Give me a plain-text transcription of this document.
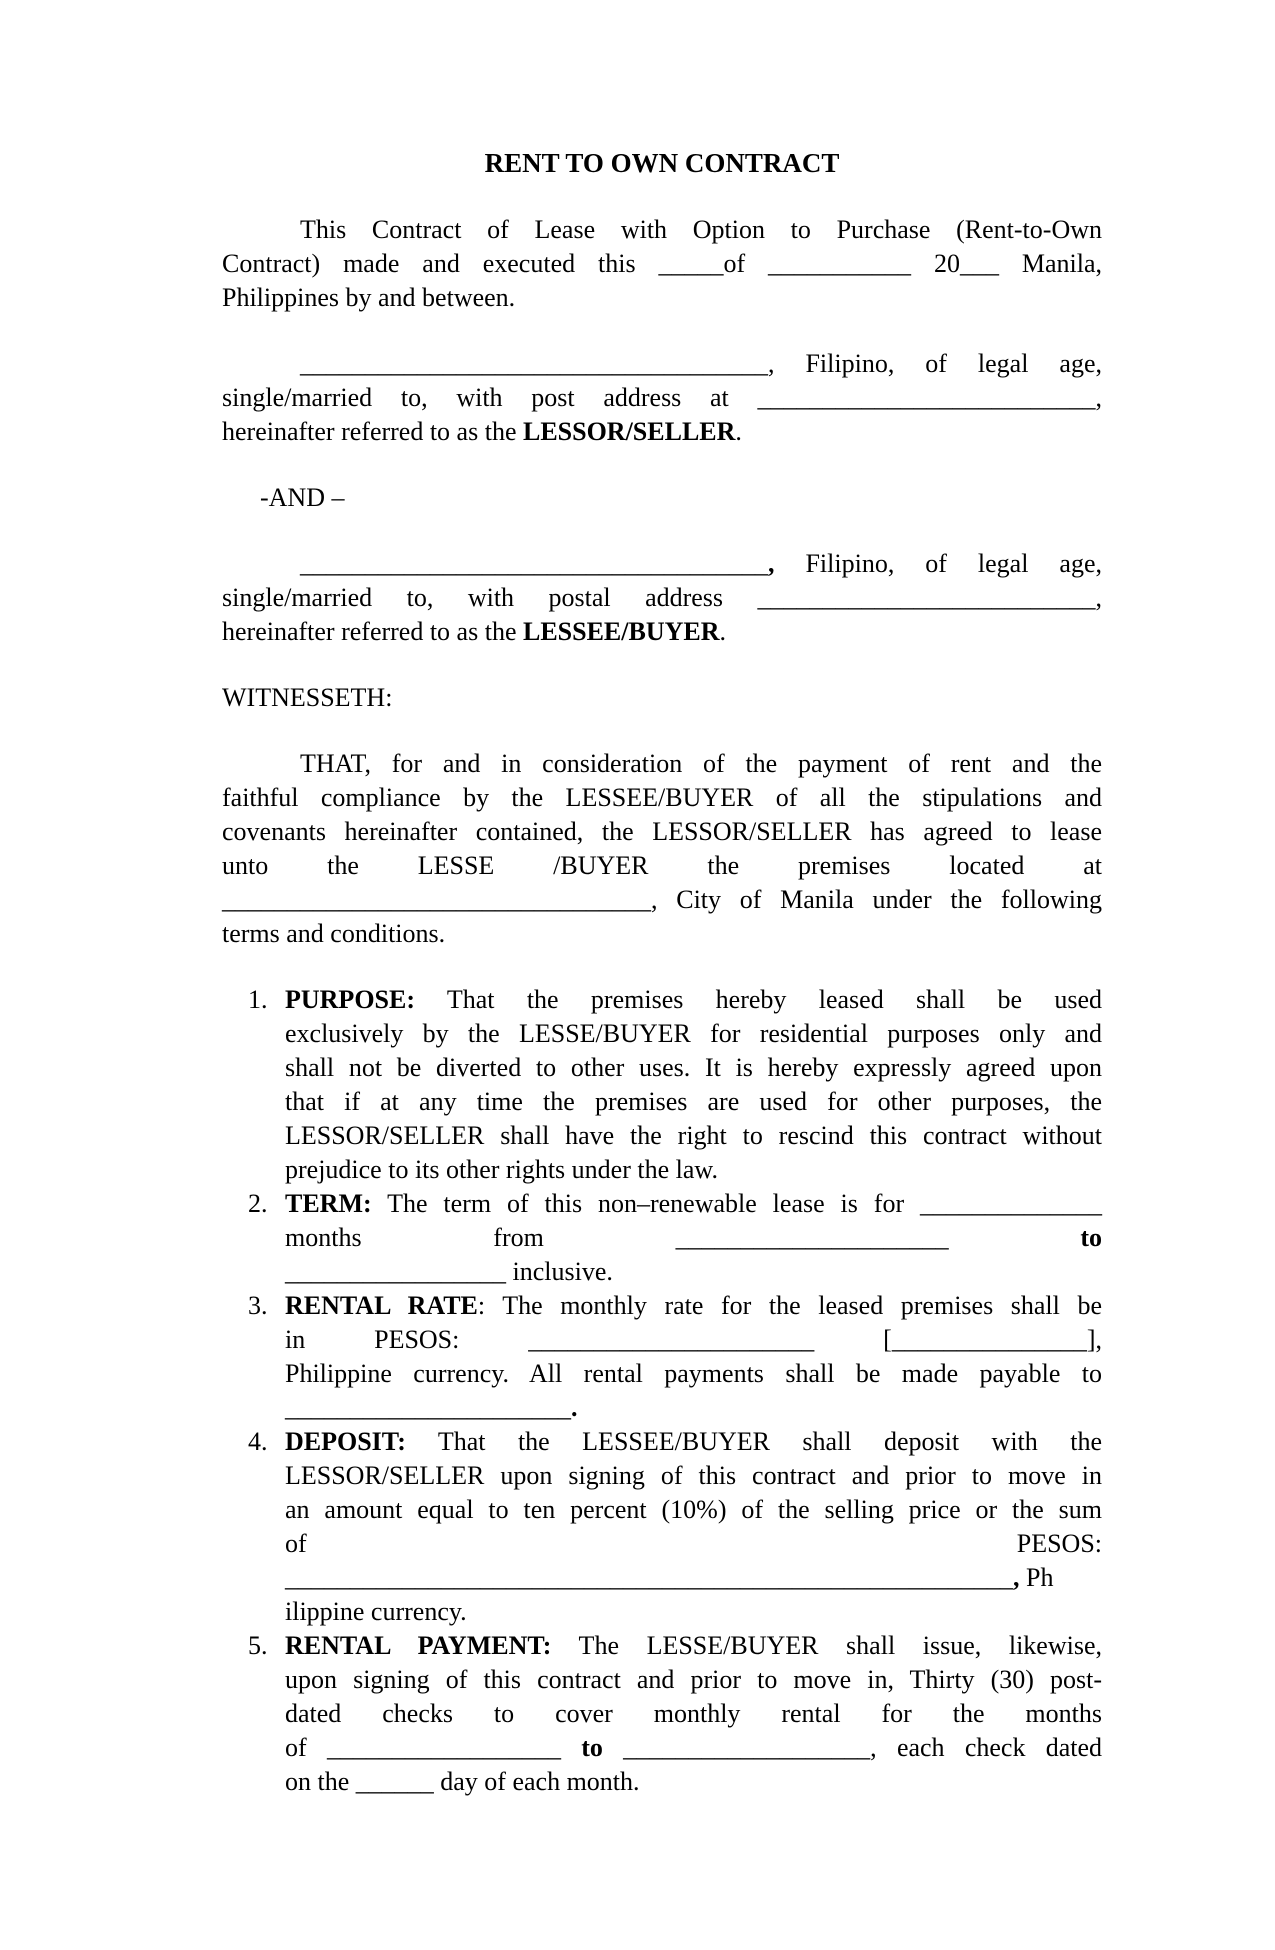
RENT TO OWN CONTRACT
This Contract of Lease with Option to Purchase (Rent-to-Own
Contract) made and executed this _____of ___________ 20___ Manila,
Philippines by and between.
____________________________________, Filipino, of legal age,
single/married to, with post address at __________________________,
hereinafter referred to as the LESSOR/SELLER.
-AND –
____________________________________, Filipino, of legal age,
single/married to, with postal address __________________________,
hereinafter referred to as the LESSEE/BUYER.
WITNESSETH:
THAT, for and in consideration of the payment of rent and the
faithful compliance by the LESSEE/BUYER of all the stipulations and
covenants hereinafter contained, the LESSOR/SELLER has agreed to lease
unto the LESSE /BUYER the premises located at
_________________________________, City of Manila under the following
terms and conditions.
1. PURPOSE: That the premises hereby leased shall be used
exclusively by the LESSE/BUYER for residential purposes only and
shall not be diverted to other uses. It is hereby expressly agreed upon
that if at any time the premises are used for other purposes, the
LESSOR/SELLER shall have the right to rescind this contract without
prejudice to its other rights under the law.
2. TERM: The term of this non–renewable lease is for ______________
months from _____________________	to
_________________ inclusive.
3. RENTAL RATE: The monthly rate for the leased premises shall be
in PESOS: ______________________ [_______________],
Philippine currency. All rental payments shall be made payable to
______________________.
4. DEPOSIT: That the LESSEE/BUYER shall deposit with the
LESSOR/SELLER upon signing of this contract and prior to move in
an amount equal to ten percent (10%) of the selling price or the sum
of PESOS:
________________________________________________________, Ph
ilippine currency.
5. RENTAL PAYMENT: The LESSE/BUYER shall issue, likewise,
upon signing of this contract and prior to move in, Thirty (30) post-
dated checks to cover monthly rental for the months
of __________________ to ___________________, each check dated
on the ______ day of each month.
